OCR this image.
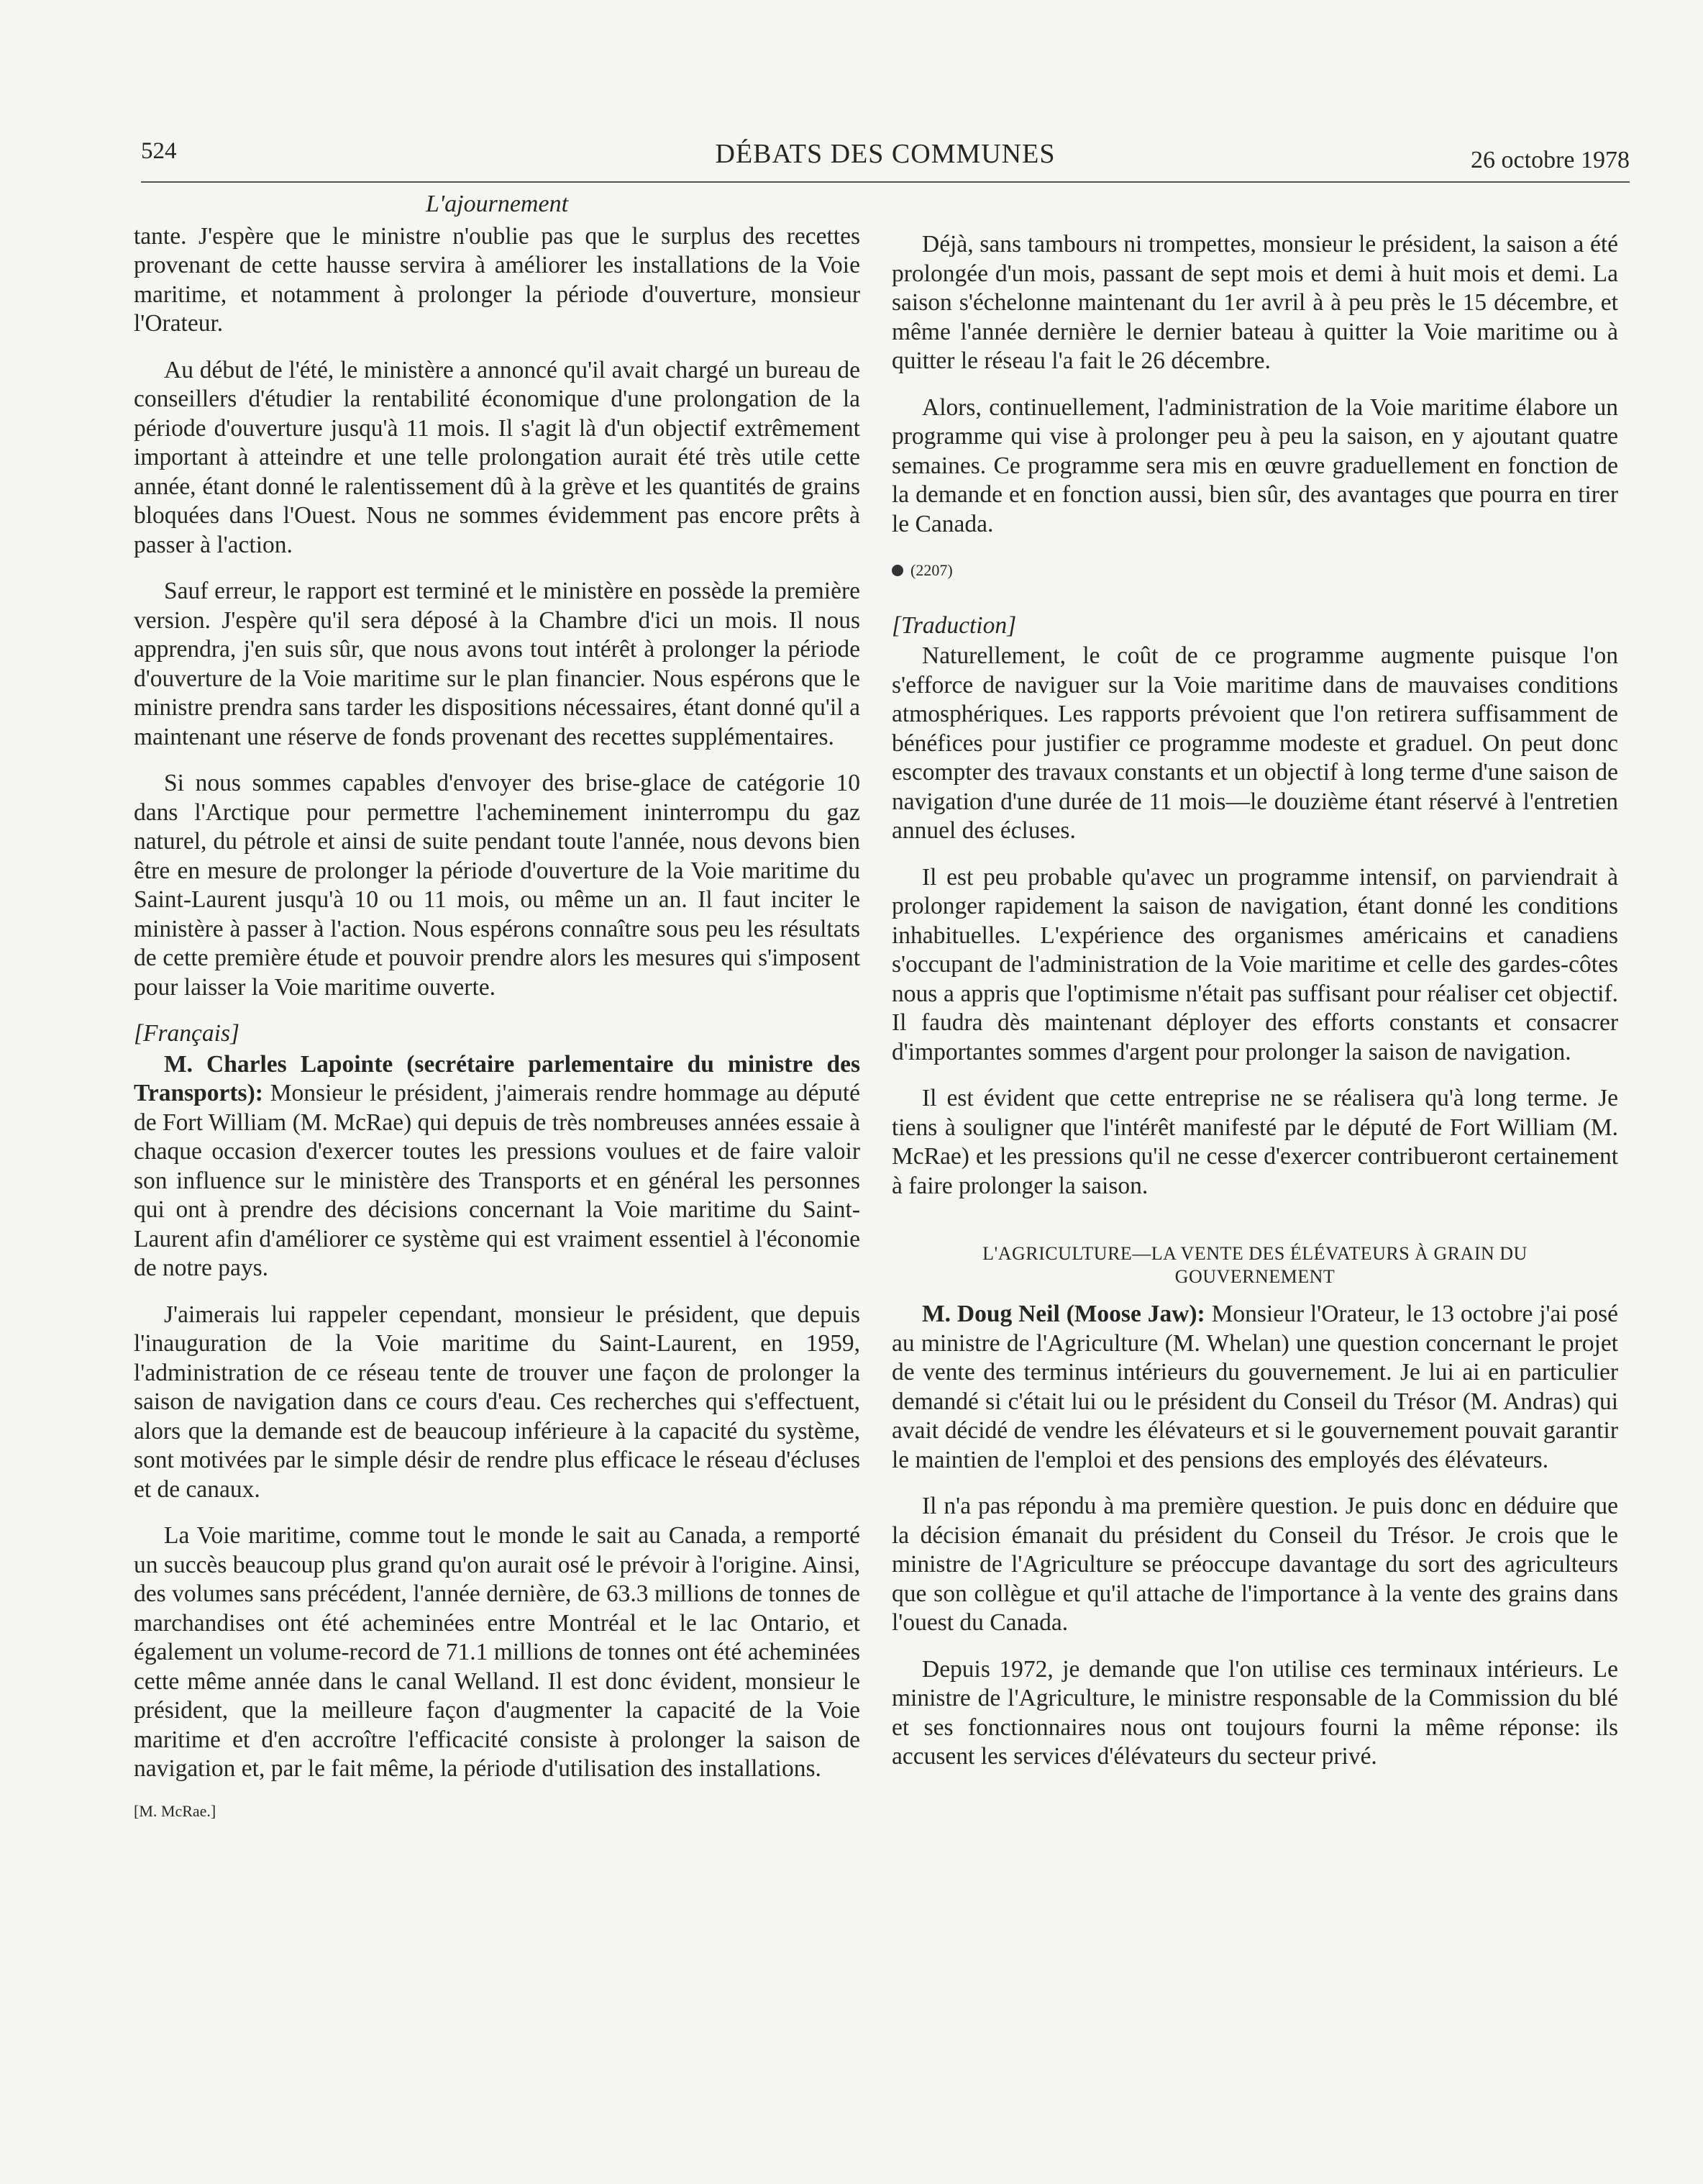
524	DÉBATS DES COMMUNES	26 octobre 1978
L'ajournement

tante. J'espère que le ministre n'oublie pas que le surplus des recettes provenant de cette hausse servira à améliorer les installations de la Voie maritime, et notamment à prolonger la période d'ouverture, monsieur l'Orateur.

Au début de l'été, le ministère a annoncé qu'il avait chargé un bureau de conseillers d'étudier la rentabilité économique d'une prolongation de la période d'ouverture jusqu'à 11 mois. Il s'agit là d'un objectif extrêmement important à atteindre et une telle prolongation aurait été très utile cette année, étant donné le ralentissement dû à la grève et les quantités de grains bloquées dans l'Ouest. Nous ne sommes évidemment pas encore prêts à passer à l'action.

Sauf erreur, le rapport est terminé et le ministère en possède la première version. J'espère qu'il sera déposé à la Chambre d'ici un mois. Il nous apprendra, j'en suis sûr, que nous avons tout intérêt à prolonger la période d'ouverture de la Voie maritime sur le plan financier. Nous espérons que le ministre prendra sans tarder les dispositions nécessaires, étant donné qu'il a maintenant une réserve de fonds provenant des recettes supplémentaires.

Si nous sommes capables d'envoyer des brise-glace de catégorie 10 dans l'Arctique pour permettre l'acheminement ininterrompu du gaz naturel, du pétrole et ainsi de suite pendant toute l'année, nous devons bien être en mesure de prolonger la période d'ouverture de la Voie maritime du Saint-Laurent jusqu'à 10 ou 11 mois, ou même un an. Il faut inciter le ministère à passer à l'action. Nous espérons connaître sous peu les résultats de cette première étude et pouvoir prendre alors les mesures qui s'imposent pour laisser la Voie maritime ouverte.

[Français]

M. Charles Lapointe (secrétaire parlementaire du ministre des Transports): Monsieur le président, j'aimerais rendre hommage au député de Fort William (M. McRae) qui depuis de très nombreuses années essaie à chaque occasion d'exercer toutes les pressions voulues et de faire valoir son influence sur le ministère des Transports et en général les personnes qui ont à prendre des décisions concernant la Voie maritime du Saint-Laurent afin d'améliorer ce système qui est vraiment essentiel à l'économie de notre pays.

J'aimerais lui rappeler cependant, monsieur le président, que depuis l'inauguration de la Voie maritime du Saint-Laurent, en 1959, l'administration de ce réseau tente de trouver une façon de prolonger la saison de navigation dans ce cours d'eau. Ces recherches qui s'effectuent, alors que la demande est de beaucoup inférieure à la capacité du système, sont motivées par le simple désir de rendre plus efficace le réseau d'écluses et de canaux.

La Voie maritime, comme tout le monde le sait au Canada, a remporté un succès beaucoup plus grand qu'on aurait osé le prévoir à l'origine. Ainsi, des volumes sans précédent, l'année dernière, de 63.3 millions de tonnes de marchandises ont été acheminées entre Montréal et le lac Ontario, et également un volume-record de 71.1 millions de tonnes ont été acheminées cette même année dans le canal Welland. Il est donc évident, monsieur le président, que la meilleure façon d'augmenter la capacité de la Voie maritime et d'en accroître l'efficacité consiste à prolonger la saison de navigation et, par le fait même, la période d'utilisation des installations.

[M. McRae.]

Déjà, sans tambours ni trompettes, monsieur le président, la saison a été prolongée d'un mois, passant de sept mois et demi à huit mois et demi. La saison s'échelonne maintenant du 1er avril à à peu près le 15 décembre, et même l'année dernière le dernier bateau à quitter la Voie maritime ou à quitter le réseau l'a fait le 26 décembre.

Alors, continuellement, l'administration de la Voie maritime élabore un programme qui vise à prolonger peu à peu la saison, en y ajoutant quatre semaines. Ce programme sera mis en œuvre graduellement en fonction de la demande et en fonction aussi, bien sûr, des avantages que pourra en tirer le Canada.

(2207)
[Traduction]

Naturellement, le coût de ce programme augmente puisque l'on s'efforce de naviguer sur la Voie maritime dans de mauvaises conditions atmosphériques. Les rapports prévoient que l'on retirera suffisamment de bénéfices pour justifier ce programme modeste et graduel. On peut donc escompter des travaux constants et un objectif à long terme d'une saison de navigation d'une durée de 11 mois—le douzième étant réservé à l'entretien annuel des écluses.

Il est peu probable qu'avec un programme intensif, on parviendrait à prolonger rapidement la saison de navigation, étant donné les conditions inhabituelles. L'expérience des organismes américains et canadiens s'occupant de l'administration de la Voie maritime et celle des gardes-côtes nous a appris que l'optimisme n'était pas suffisant pour réaliser cet objectif. Il faudra dès maintenant déployer des efforts constants et consacrer d'importantes sommes d'argent pour prolonger la saison de navigation.

Il est évident que cette entreprise ne se réalisera qu'à long terme. Je tiens à souligner que l'intérêt manifesté par le député de Fort William (M. McRae) et les pressions qu'il ne cesse d'exercer contribueront certainement à faire prolonger la saison.

L'AGRICULTURE—LA VENTE DES ÉLÉVATEURS À GRAIN DU GOUVERNEMENT

M. Doug Neil (Moose Jaw): Monsieur l'Orateur, le 13 octobre j'ai posé au ministre de l'Agriculture (M. Whelan) une question concernant le projet de vente des terminus intérieurs du gouvernement. Je lui ai en particulier demandé si c'était lui ou le président du Conseil du Trésor (M. Andras) qui avait décidé de vendre les élévateurs et si le gouvernement pouvait garantir le maintien de l'emploi et des pensions des employés des élévateurs.

Il n'a pas répondu à ma première question. Je puis donc en déduire que la décision émanait du président du Conseil du Trésor. Je crois que le ministre de l'Agriculture se préoccupe davantage du sort des agriculteurs que son collègue et qu'il attache de l'importance à la vente des grains dans l'ouest du Canada.

Depuis 1972, je demande que l'on utilise ces terminaux intérieurs. Le ministre de l'Agriculture, le ministre responsable de la Commission du blé et ses fonctionnaires nous ont toujours fourni la même réponse: ils accusent les services d'élévateurs du secteur privé.
